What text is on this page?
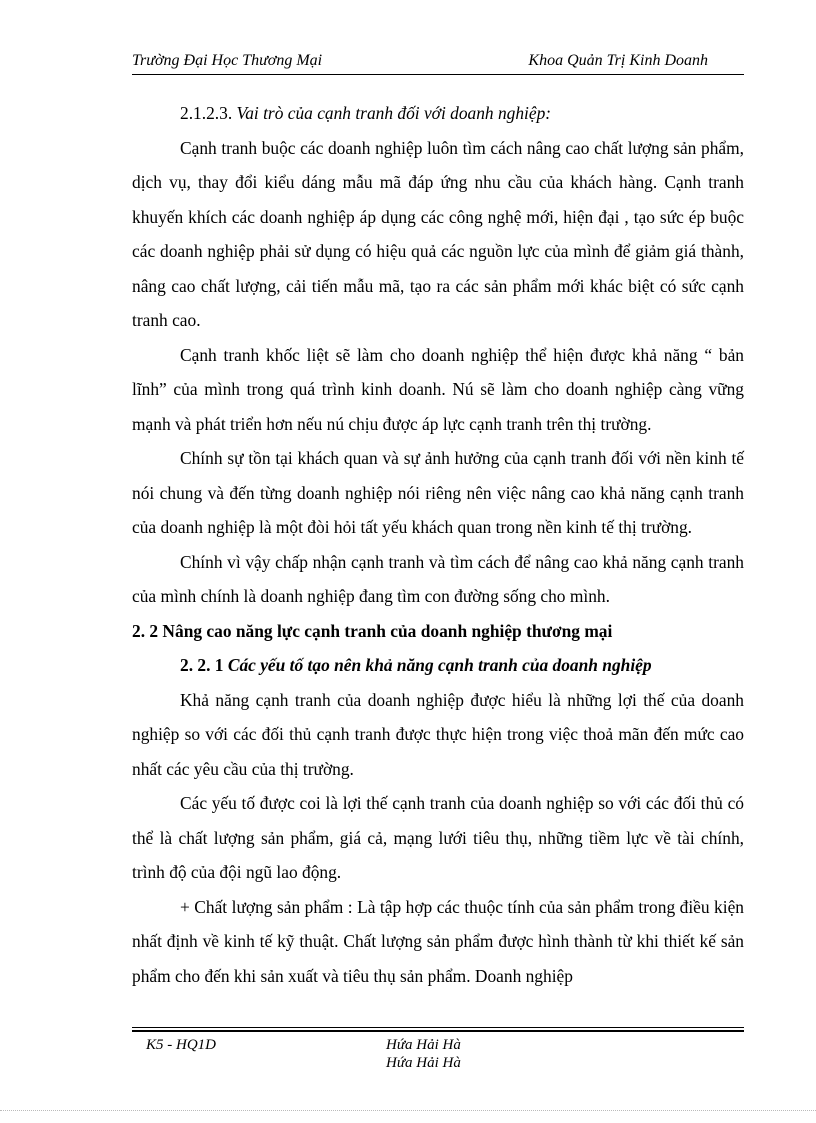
Trường Đại Học Thương Mại	Khoa Quản Trị Kinh Doanh

2.1.2.3. Vai trò của cạnh tranh đối với doanh nghiệp:

Cạnh tranh buộc các doanh nghiệp luôn tìm cách nâng cao chất lượng sản phẩm, dịch vụ, thay đổi kiểu dáng mẫu mã đáp ứng nhu cầu của khách hàng. Cạnh tranh khuyến khích các doanh nghiệp áp dụng các công nghệ mới, hiện đại , tạo sức ép buộc các doanh nghiệp phải sử dụng có hiệu quả các nguồn lực của mình để giảm giá thành, nâng cao chất lượng, cải tiến mẫu mã, tạo ra các sản phẩm mới khác biệt có sức cạnh tranh cao.

Cạnh tranh khốc liệt sẽ làm cho doanh nghiệp thể hiện được khả năng “ bản lĩnh” của mình trong quá trình kinh doanh. Nú sẽ làm cho doanh nghiệp càng vững mạnh và phát triển hơn nếu nú chịu được áp lực cạnh tranh trên thị trường.

Chính sự tồn tại khách quan và sự ảnh hưởng của cạnh tranh đối với nền kinh tế nói chung và đến từng doanh nghiệp nói riêng nên việc nâng cao khả năng cạnh tranh của doanh nghiệp là một đòi hỏi tất yếu khách quan trong nền kinh tế thị trường.

Chính vì vậy chấp nhận cạnh tranh và tìm cách để nâng cao khả năng cạnh tranh của mình chính là doanh nghiệp đang tìm con đường sống cho mình.

2. 2 Nâng cao năng lực cạnh tranh của doanh nghiệp thương mại

2. 2. 1 Các yếu tố tạo nên khả năng cạnh tranh của doanh nghiệp

Khả năng cạnh tranh của doanh nghiệp được hiểu là những lợi thế của doanh nghiệp so với các đối thủ cạnh tranh được thực hiện trong việc thoả mãn đến mức cao nhất các yêu cầu của thị trường.

Các yếu tố được coi là lợi thế cạnh tranh của doanh nghiệp so với các đối thủ có thể là chất lượng sản phẩm, giá cả, mạng lưới tiêu thụ, những tiềm lực về tài chính, trình độ của đội ngũ lao động.

+ Chất lượng sản phẩm : Là tập hợp các thuộc tính của sản phẩm trong điều kiện nhất định về kinh tế kỹ thuật. Chất lượng sản phẩm được hình thành từ khi thiết kế sản phẩm cho đến khi sản xuất và tiêu thụ sản phẩm. Doanh nghiệp

K5 - HQ1D	Hứa Hải Hà
Hứa Hải Hà
